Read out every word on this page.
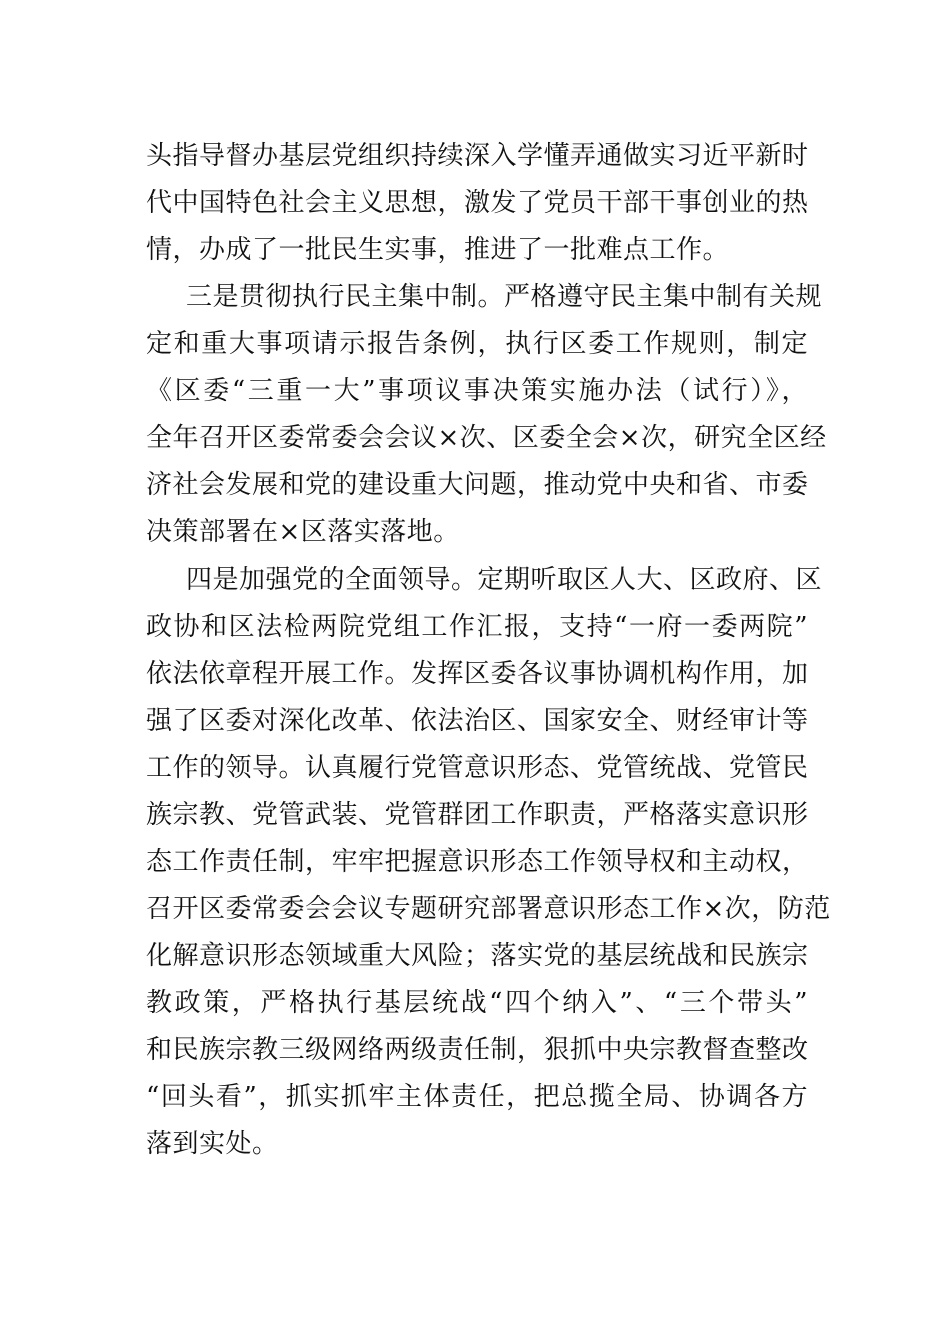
头指导督办基层党组织持续深入学懂弄通做实习近平新时
代中国特色社会主义思想，激发了党员干部干事创业的热
情，办成了一批民生实事，推进了一批难点工作。
三是贯彻执行民主集中制。严格遵守民主集中制有关规
定和重大事项请示报告条例，执行区委工作规则，制定
《区委“三重一大”事项议事决策实施办法（试行）》，
全年召开区委常委会会议×次、区委全会×次，研究全区经
济社会发展和党的建设重大问题，推动党中央和省、市委
决策部署在×区落实落地。
四是加强党的全面领导。定期听取区人大、区政府、区
政协和区法检两院党组工作汇报，支持“一府一委两院”
依法依章程开展工作。发挥区委各议事协调机构作用，加
强了区委对深化改革、依法治区、国家安全、财经审计等
工作的领导。认真履行党管意识形态、党管统战、党管民
族宗教、党管武装、党管群团工作职责，严格落实意识形
态工作责任制，牢牢把握意识形态工作领导权和主动权，
召开区委常委会会议专题研究部署意识形态工作×次，防范
化解意识形态领域重大风险；落实党的基层统战和民族宗
教政策，严格执行基层统战“四个纳入”、“三个带头”
和民族宗教三级网络两级责任制，狠抓中央宗教督查整改
“回头看”，抓实抓牢主体责任，把总揽全局、协调各方
落到实处。
